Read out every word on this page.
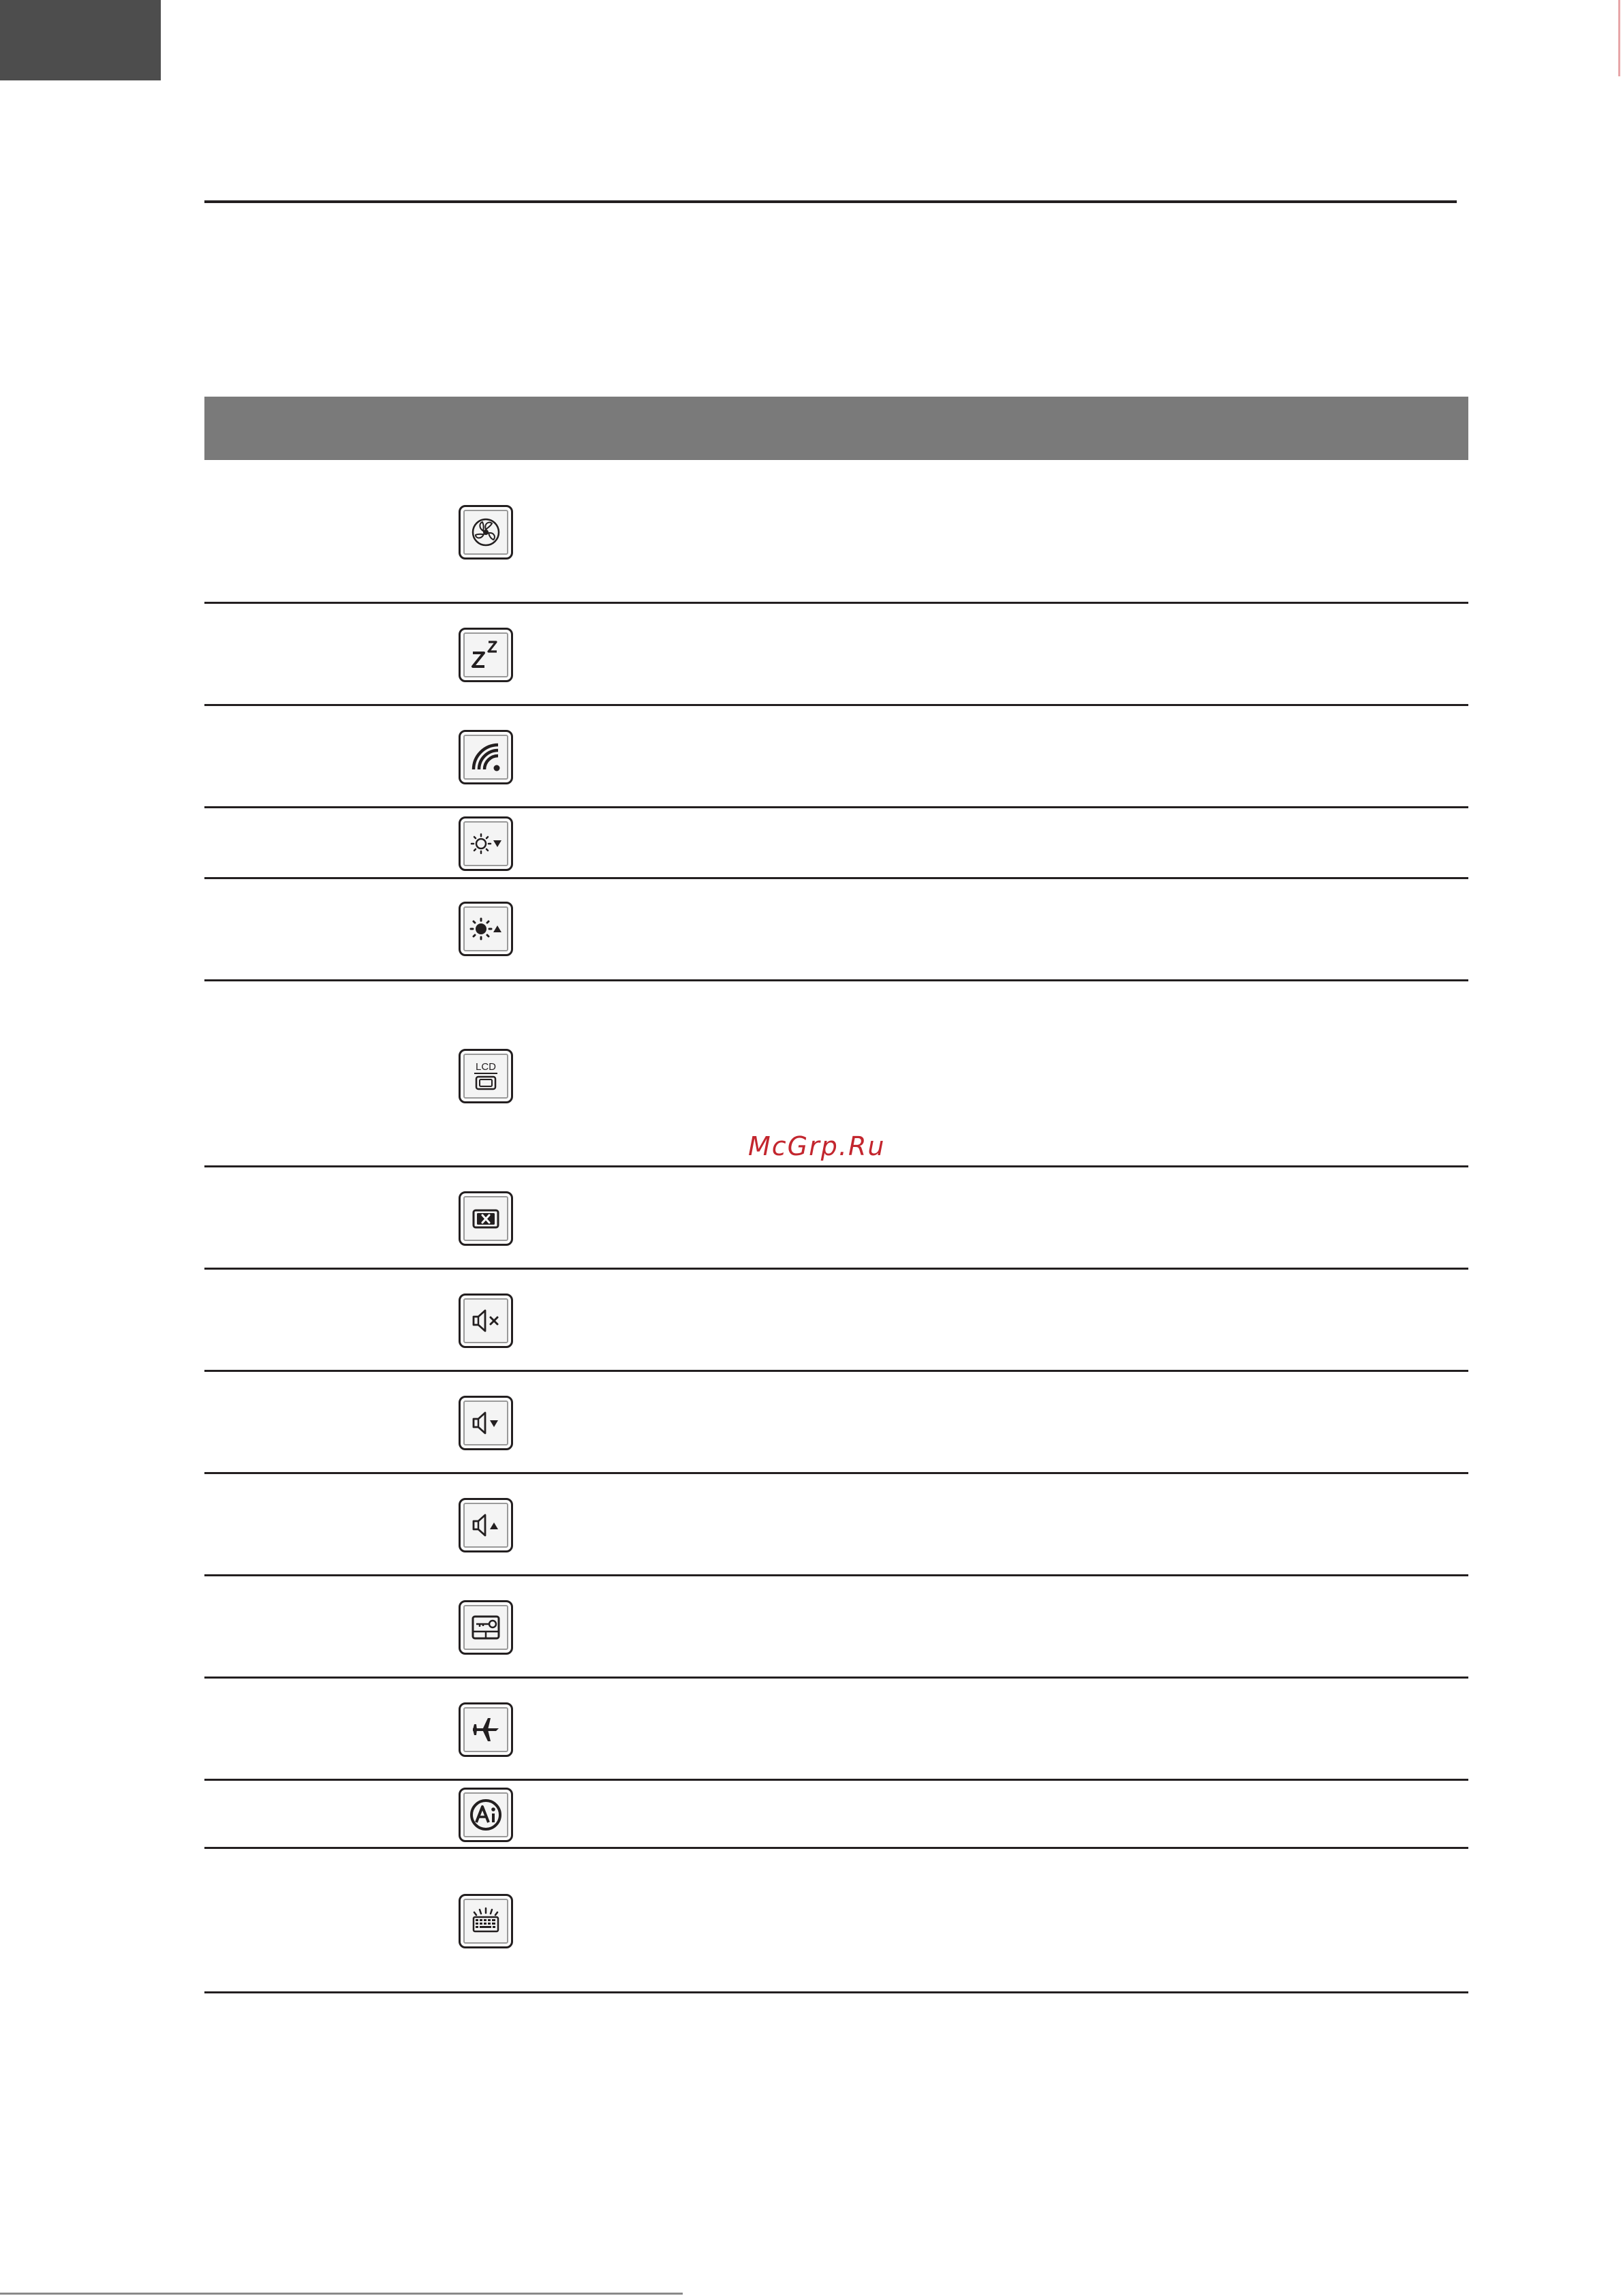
LCD
McGrp.Ru
